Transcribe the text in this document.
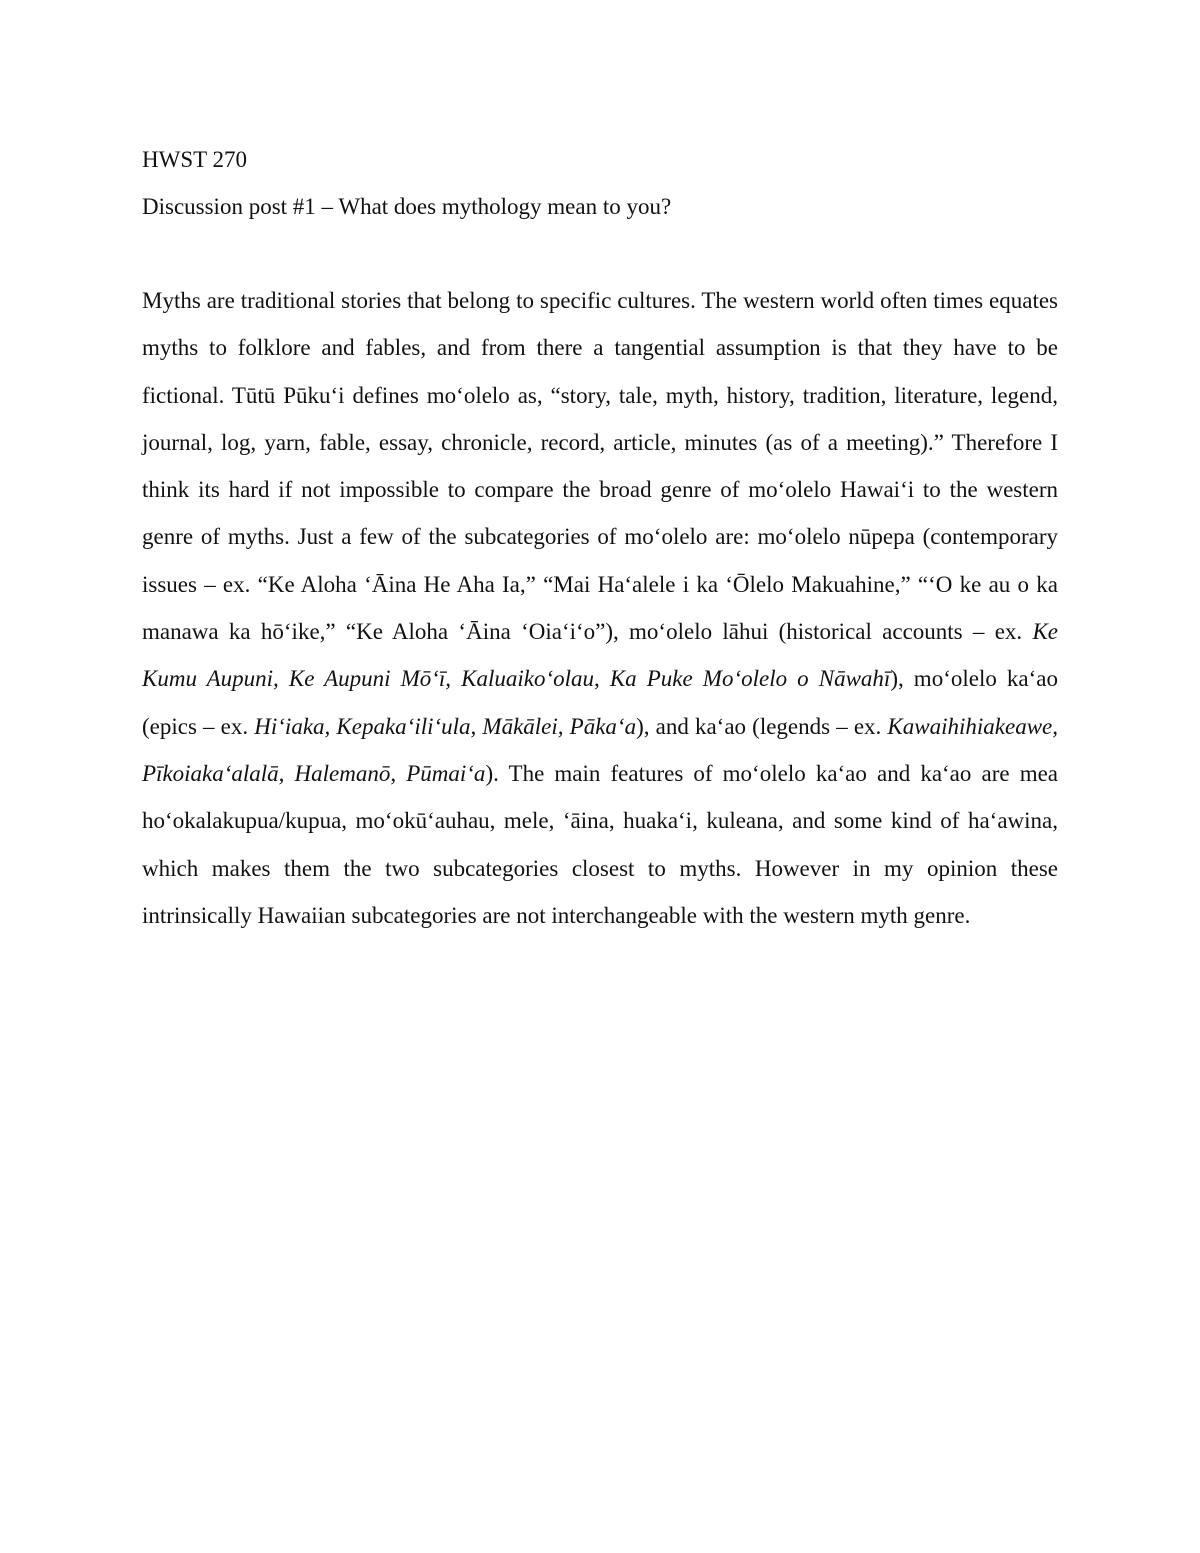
HWST 270

Discussion post #1 – What does mythology mean to you?

Myths are traditional stories that belong to specific cultures. The western world often times equates myths to folklore and fables, and from there a tangential assumption is that they have to be fictional. Tūtū Pūkuʻi defines moʻolelo as, “story, tale, myth, history, tradition, literature, legend, journal, log, yarn, fable, essay, chronicle, record, article, minutes (as of a meeting).” Therefore I think its hard if not impossible to compare the broad genre of moʻolelo Hawaiʻi to the western genre of myths. Just a few of the subcategories of moʻolelo are: moʻolelo nūpepa (contemporary issues – ex. “Ke Aloha ʻĀina He Aha Ia,” “Mai Haʻalele i ka ʻŌlelo Makuahine,” “ʻO ke au o ka manawa ka hōʻike,” “Ke Aloha ʻĀina ʻOiaʻiʻo”), moʻolelo lāhui (historical accounts – ex. Ke Kumu Aupuni, Ke Aupuni Mōʻī, Kaluaikoʻolau, Ka Puke Moʻolelo o Nāwahī), moʻolelo kaʻao (epics – ex. Hiʻiaka, Kepakaʻiliʻula, Mākālei, Pākaʻa), and kaʻao (legends – ex. Kawaihihiakeawe, Pīkoiakaʻalalā, Halemanō, Pūmaiʻa). The main features of moʻolelo kaʻao and kaʻao are mea hoʻokalakupua/kupua, moʻokūʻauhau, mele, ʻāina, huakaʻi, kuleana, and some kind of haʻawina, which makes them the two subcategories closest to myths. However in my opinion these intrinsically Hawaiian subcategories are not interchangeable with the western myth genre.
